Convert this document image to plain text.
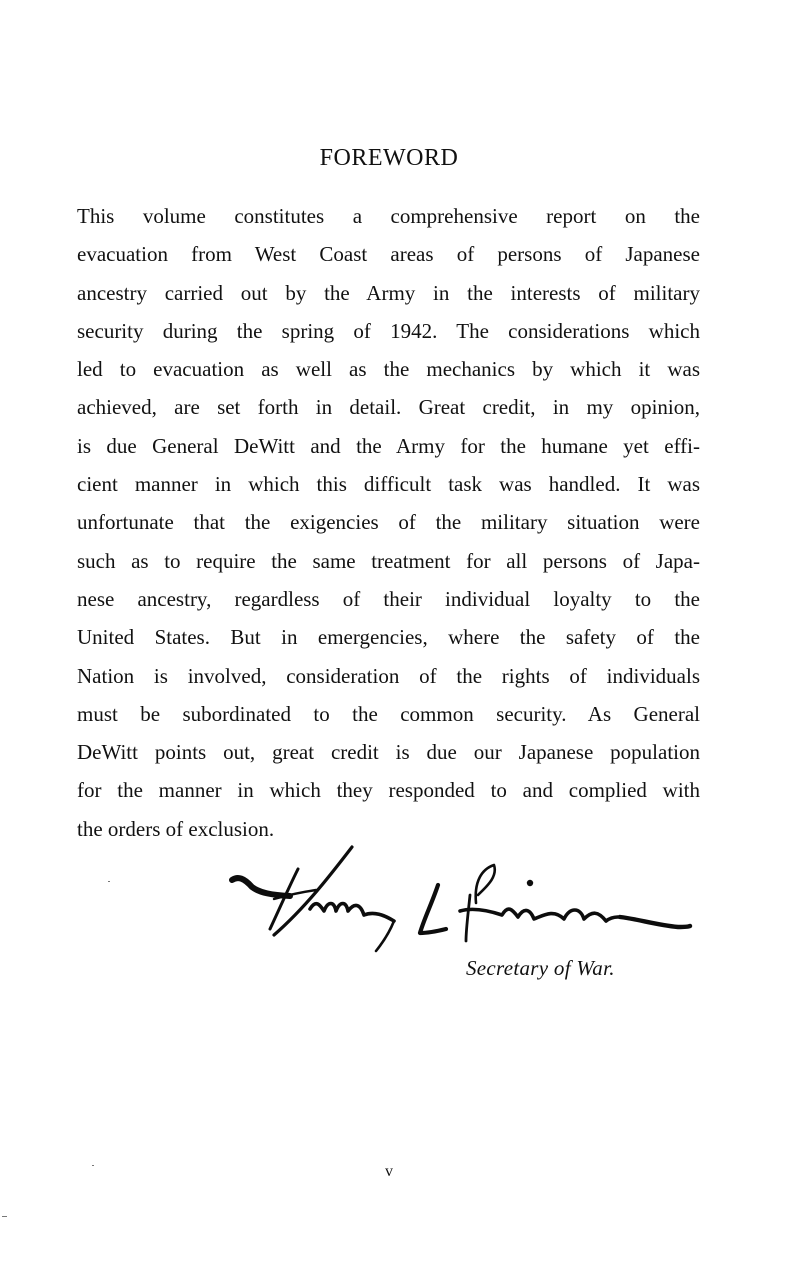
FOREWORD
This volume constitutes a comprehensive report on the
evacuation from West Coast areas of persons of Japanese
ancestry carried out by the Army in the interests of military
security during the spring of 1942. The considerations which
led to evacuation as well as the mechanics by which it was
achieved, are set forth in detail. Great credit, in my opinion,
is due General DeWitt and the Army for the humane yet effi-
cient manner in which this difficult task was handled. It was
unfortunate that the exigencies of the military situation were
such as to require the same treatment for all persons of Japa-
nese ancestry, regardless of their individual loyalty to the
United States. But in emergencies, where the safety of the
Nation is involved, consideration of the rights of individuals
must be subordinated to the common security. As General
DeWitt points out, great credit is due our Japanese population
for the manner in which they responded to and complied with
the orders of exclusion.
Secretary of War.
v
